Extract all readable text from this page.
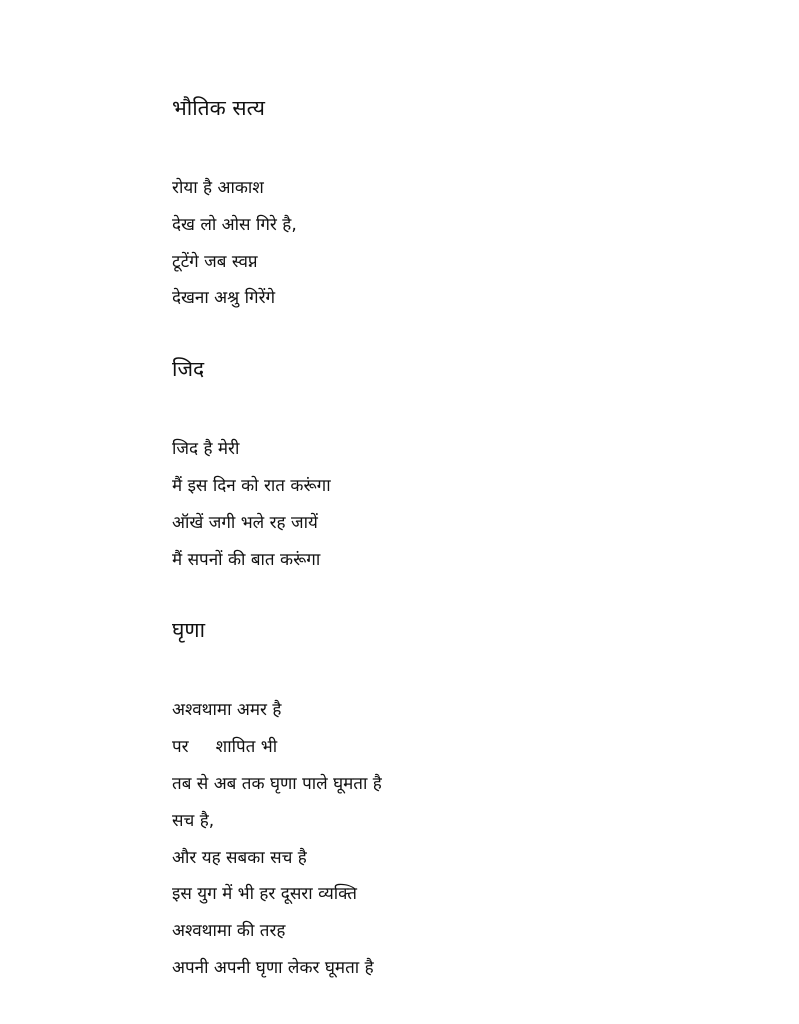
भौतिक सत्य
रोया है आकाश
देख लो ओस गिरे है,
टूटेंगे जब स्वप्न
देखना अश्रु गिरेंगे
जिद
जिद है मेरी
मैं इस दिन को रात करूंगा
ऑखें जगी भले रह जायें
मैं सपनों की बात करूंगा
घृणा
अश्वथामा अमर है
पर     शापित भी
तब से अब तक घृणा पाले घूमता है
सच है,
और यह सबका सच है
इस युग में भी हर दूसरा व्यक्ति
अश्वथामा की तरह
अपनी अपनी घृणा लेकर घूमता है
